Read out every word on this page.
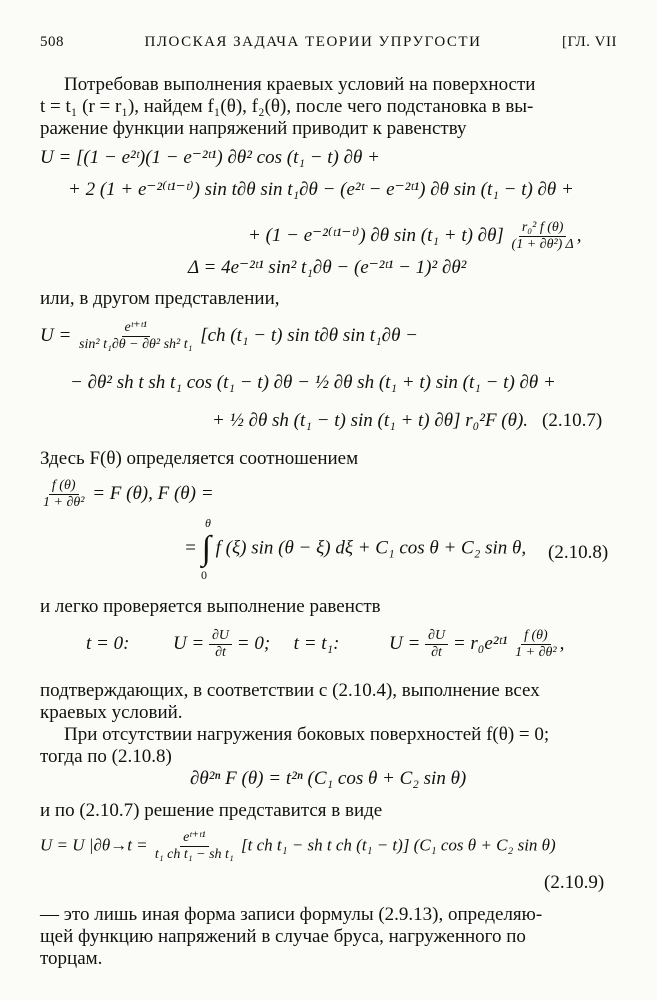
508	ПЛОСКАЯ ЗАДАЧА ТЕОРИИ УПРУГОСТИ	[ГЛ. VII
Потребовав выполнения краевых условий на поверхности
t = t₁ (r = r₁), найдем f₁(θ), f₂(θ), после чего подстановка в вы-
ражение функции напряжений приводит к равенству
U = [(1 − e²ᵗ)(1 − e⁻²ᵗ¹) ∂θ² cos (t₁ − t) ∂θ +
+ 2 (1 + e⁻²⁽ᵗ¹⁻ᵗ⁾) sin t∂θ sin t₁∂θ − (e²ᵗ − e⁻²ᵗ¹) ∂θ sin (t₁ − t) ∂θ +
+ (1 − e⁻²⁽ᵗ¹⁻ᵗ⁾) ∂θ sin (t₁ + t) $\partial\theta] \frac{\text{r₀² f (θ)}}{\text{(1 + ∂θ²) Δ}}$ ,
Δ = 4e⁻²ᵗ¹ sin² t₁∂θ − (e⁻²ᵗ¹ − 1)² ∂θ²
или, в другом представлении,
$U = \frac{\text{eᵗ⁺ᵗ¹}}{\text{sin² t₁∂θ − ∂θ² sh² t₁}} [ch$ (t₁ − t) sin t∂θ sin t₁∂θ −
− ∂θ² sh t sh t₁ cos (t₁ − t) ∂θ − ½ ∂θ sh (t₁ + t) sin (t₁ − t) ∂θ +
+ ½ ∂θ sh (t₁ − t) sin (t₁ + t) ∂θ] r₀²F (θ). (2.10.7)
Здесь F(θ) определяется соотношением
$\frac{f (\theta)}{\text{1 + ∂θ²}} = F$ (θ), F (θ) =
θ
= ∫ f (ξ) sin (θ − ξ) dξ + C₁ cos θ + C₂ sin θ,
0
(2.10.8)
и легко проверяется выполнение равенств
t = 0: $U = \frac{\partial U}{\partial t} = 0$; t = t₁:	$U = \frac{\partial U}{\partial t}$ = r₀e²ᵗ¹ $\frac{f (\theta)}{\text{1 + ∂θ²}}$ ,
подтверждающих, в соответствии с (2.10.4), выполнение всех
краевых условий.
При отсутствии нагружения боковых поверхностей f(θ) = 0;
тогда по (2.10.8)
∂θ²ⁿ F (θ) = t²ⁿ (C₁ cos θ + C₂ sin θ)
и по (2.10.7) решение представится в виде
U = U $|\partial\theta\to t = \frac{\text{eᵗ⁺ᵗ¹}}{\text{t₁ ch t₁ − sh t₁}} [t$ ch t₁ − sh t ch (t₁ − t)] (C₁ cos θ + C₂ sin θ)
(2.10.9)
— это лишь иная форма записи формулы (2.9.13), определяю-
щей функцию напряжений в случае бруса, нагруженного по
торцам.
